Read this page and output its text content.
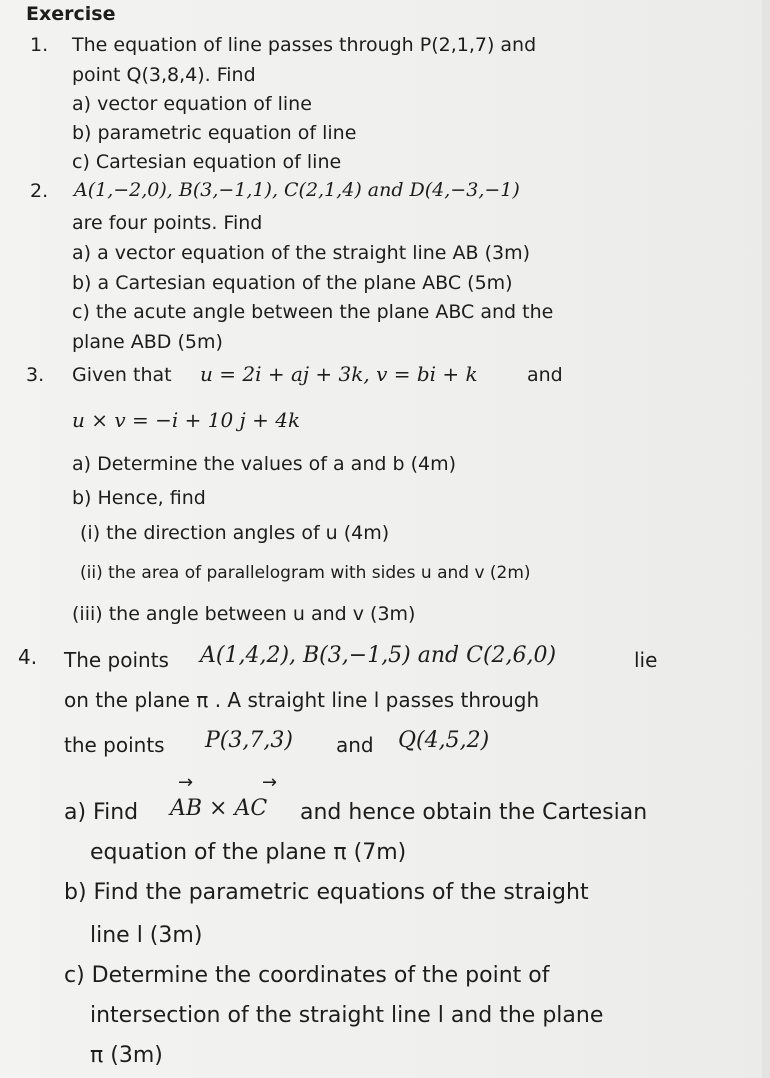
Exercise
1. The equation of line passes through P(2,1,7) and
point Q(3,8,4). Find
a) vector equation of line
b) parametric equation of line
c) Cartesian equation of line
2. A(1,−2,0), B(3,−1,1), C(2,1,4) and D(4,−3,−1)
are four points. Find
a) a vector equation of the straight line AB (3m)
b) a Cartesian equation of the plane ABC (5m)
c) the acute angle between the plane ABC and the
plane ABD (5m)
3. Given that u = 2i + aj + 3k, v = bi + k	and
u × v = −i + 10 j + 4k
a) Determine the values of a and b (4m)
b) Hence, find
(i) the direction angles of u (4m)
(ii) the area of parallelogram with sides u and v (2m)
(iii) the angle between u and v (3m)
4. The points A(1,4,2), B(3,−1,5) and C(2,6,0)	lie
on the plane π . A straight line l passes through
the points P(3,7,3) and Q(4,5,2)
a) Find AB × AC
→	→
and hence obtain the Cartesian
equation of the plane π (7m)
b) Find the parametric equations of the straight
line l (3m)
c) Determine the coordinates of the point of
intersection of the straight line l and the plane
π (3m)
